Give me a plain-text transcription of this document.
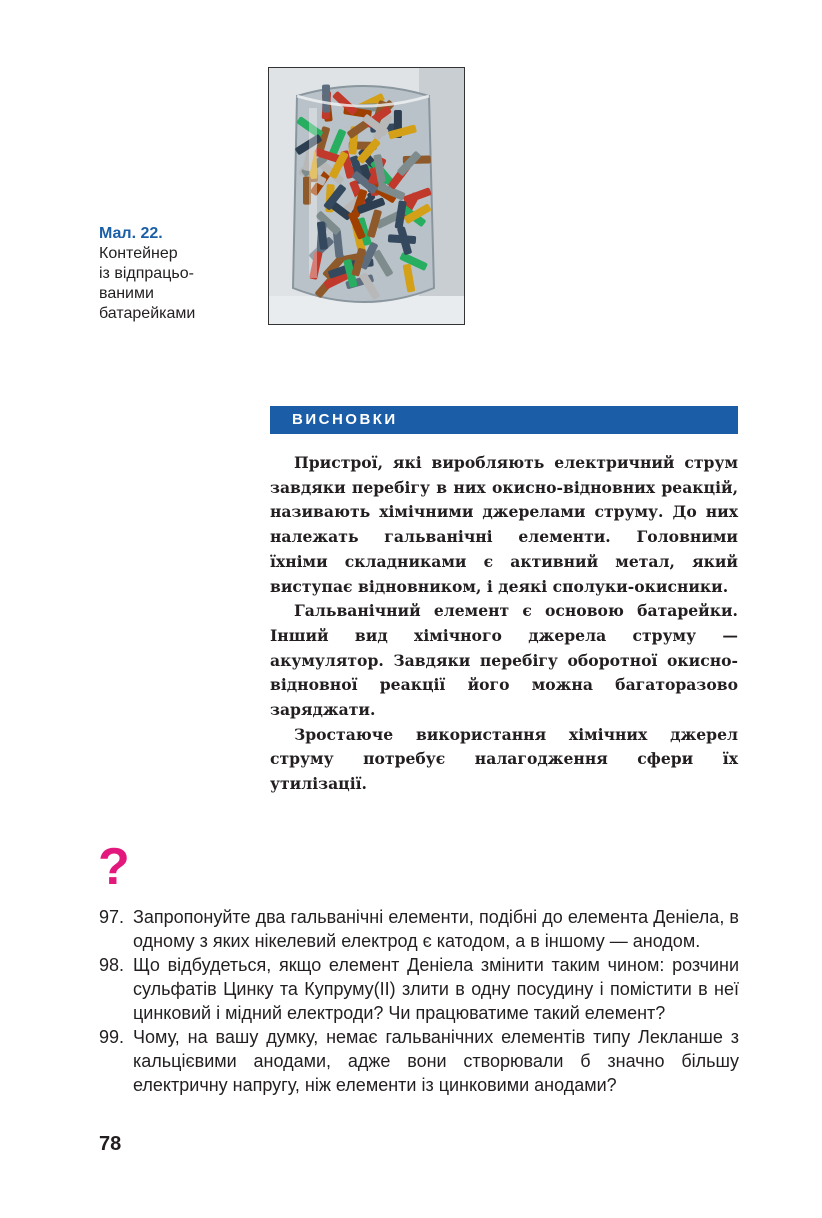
Мал. 22.
Контейнер
із відпрацьо-
ваними
батарейками
ВИСНОВКИ

Пристрої, які виробляють електричний струм завдяки перебігу в них окисно-відновних реакцій, називають хімічними джерелами струму. До них належать гальванічні елементи. Головними їхніми складниками є активний метал, який виступає відновником, і деякі сполуки-окисники.

Гальванічний елемент є основою батарейки. Інший вид хімічного джерела струму — акумулятор. Завдяки перебігу оборотної окисно-відновної реакції його можна багаторазово заряджати.

Зростаюче використання хімічних джерел струму потребує налагодження сфери їх утилізації.

?
97. Запропонуйте два гальванічні елементи, подібні до елемента Деніела, в одному з яких нікелевий електрод є катодом, а в іншому — анодом.
98. Що відбудеться, якщо елемент Деніела змінити таким чином: розчини сульфатів Цинку та Купруму(ІІ) злити в одну посудину і помістити в неї цинковий і мідний електроди? Чи працюватиме такий елемент?
99. Чому, на вашу думку, немає гальванічних елементів типу Лекланше з кальцієвими анодами, адже вони створювали б значно більшу електричну напругу, ніж елементи із цинковими анодами?
78
